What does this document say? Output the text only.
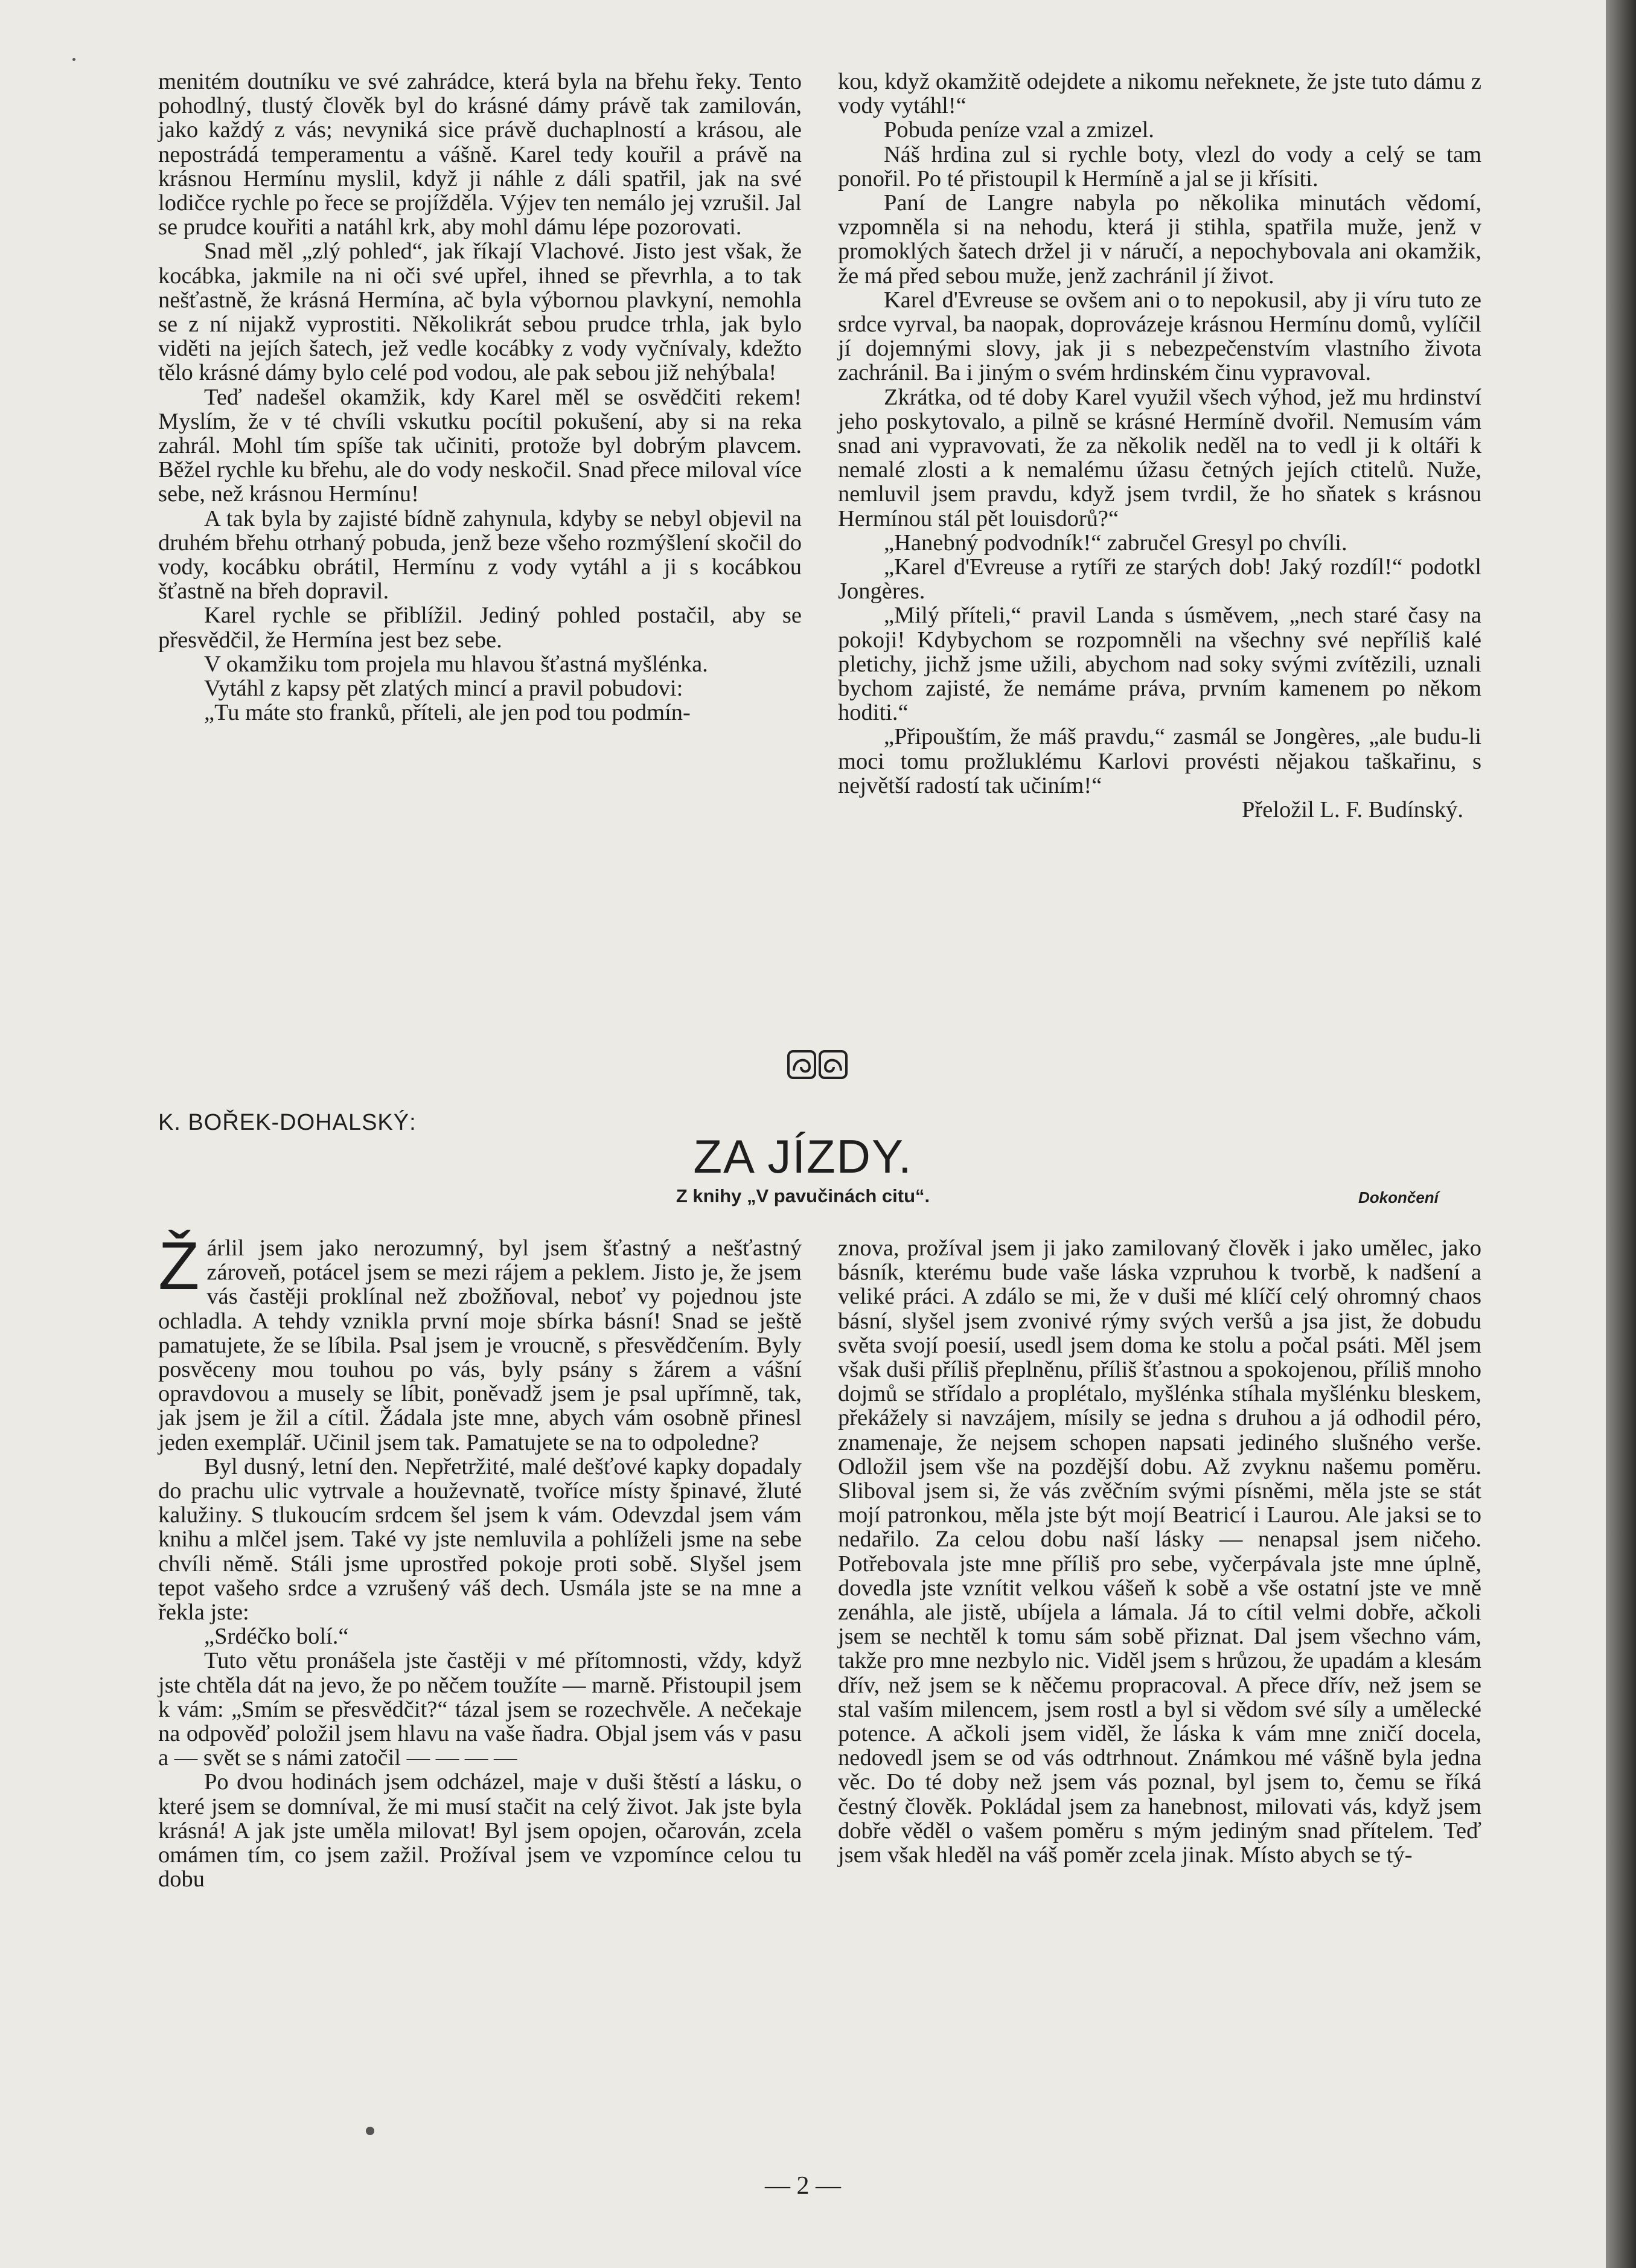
menitém doutníku ve své zahrádce, která byla na břehu řeky. Tento pohodlný, tlustý člověk byl do krásné dámy právě tak zamilován, jako každý z vás; nevyniká sice právě duchaplností a krásou, ale nepostrádá temperamentu a vášně. Karel tedy kouřil a právě na krásnou Hermínu myslil, když ji náhle z dáli spatřil, jak na své lodičce rychle po řece se projížděla. Výjev ten nemálo jej vzrušil. Jal se prudce kouřiti a natáhl krk, aby mohl dámu lépe pozorovati.

Snad měl „zlý pohled“, jak říkají Vlachové. Jisto jest však, že kocábka, jakmile na ni oči své upřel, ihned se převrhla, a to tak nešťastně, že krásná Hermína, ač byla výbornou plavkyní, nemohla se z ní nijakž vyprostiti. Několikrát sebou prudce trhla, jak bylo viděti na jejích šatech, jež vedle kocábky z vody vyčnívaly, kdežto tělo krásné dámy bylo celé pod vodou, ale pak sebou již nehýbala!

Teď nadešel okamžik, kdy Karel měl se osvědčiti rekem! Myslím, že v té chvíli vskutku pocítil pokušení, aby si na reka zahrál. Mohl tím spíše tak učiniti, protože byl dobrým plavcem. Běžel rychle ku břehu, ale do vody neskočil. Snad přece miloval více sebe, než krásnou Hermínu!

A tak byla by zajisté bídně zahynula, kdyby se nebyl objevil na druhém břehu otrhaný pobuda, jenž beze všeho rozmýšlení skočil do vody, kocábku obrátil, Hermínu z vody vytáhl a ji s kocábkou šťastně na břeh dopravil.

Karel rychle se přiblížil. Jediný pohled postačil, aby se přesvědčil, že Hermína jest bez sebe.

V okamžiku tom projela mu hlavou šťastná myšlénka.

Vytáhl z kapsy pět zlatých mincí a pravil pobudovi:

„Tu máte sto franků, příteli, ale jen pod tou podmín-

kou, když okamžitě odejdete a nikomu neřeknete, že jste tuto dámu z vody vytáhl!“

Pobuda peníze vzal a zmizel.

Náš hrdina zul si rychle boty, vlezl do vody a celý se tam ponořil. Po té přistoupil k Hermíně a jal se ji křísiti.

Paní de Langre nabyla po několika minutách vědomí, vzpomněla si na nehodu, která ji stihla, spatřila muže, jenž v promoklých šatech držel ji v náručí, a nepochybovala ani okamžik, že má před sebou muže, jenž zachránil jí život.

Karel d'Evreuse se ovšem ani o to nepokusil, aby ji víru tuto ze srdce vyrval, ba naopak, doprovázeje krásnou Hermínu domů, vylíčil jí dojemnými slovy, jak ji s nebezpečenstvím vlastního života zachránil. Ba i jiným o svém hrdinském činu vypravoval.

Zkrátka, od té doby Karel využil všech výhod, jež mu hrdinství jeho poskytovalo, a pilně se krásné Hermíně dvořil. Nemusím vám snad ani vypravovati, že za několik neděl na to vedl ji k oltáři k nemalé zlosti a k nemalému úžasu četných jejích ctitelů. Nuže, nemluvil jsem pravdu, když jsem tvrdil, že ho sňatek s krásnou Hermínou stál pět louisdorů?“

„Hanebný podvodník!“ zabručel Gresyl po chvíli.

„Karel d'Evreuse a rytíři ze starých dob! Jaký rozdíl!“ podotkl Jongères.

„Milý příteli,“ pravil Landa s úsměvem, „nech staré časy na pokoji! Kdybychom se rozpomněli na všechny své nepříliš kalé pletichy, jichž jsme užili, abychom nad soky svými zvítězili, uznali bychom zajisté, že nemáme práva, prvním kamenem po někom hoditi.“

„Připouštím, že máš pravdu,“ zasmál se Jongères, „ale budu-li moci tomu prožluklému Karlovi provésti nějakou taškařinu, s největší radostí tak učiním!“

Přeložil L. F. Budínský.

K. BOŘEK-DOHALSKÝ:
ZA JÍZDY.
Z knihy „V pavučinách citu“.	Dokončení

Žárlil jsem jako nerozumný, byl jsem šťastný a nešťastný zároveň, potácel jsem se mezi rájem a peklem. Jisto je, že jsem vás častěji proklínal než zbožňoval, neboť vy pojednou jste ochladla. A tehdy vznikla první moje sbírka básní! Snad se ještě pamatujete, že se líbila. Psal jsem je vroucně, s přesvědčením. Byly posvěceny mou touhou po vás, byly psány s žárem a vášní opravdovou a musely se líbit, poněvadž jsem je psal upřímně, tak, jak jsem je žil a cítil. Žádala jste mne, abych vám osobně přinesl jeden exemplář. Učinil jsem tak. Pamatujete se na to odpoledne?

Byl dusný, letní den. Nepřetržité, malé dešťové kapky dopadaly do prachu ulic vytrvale a houževnatě, tvoříce místy špinavé, žluté kalužiny. S tlukoucím srdcem šel jsem k vám. Odevzdal jsem vám knihu a mlčel jsem. Také vy jste nemluvila a pohlíželi jsme na sebe chvíli němě. Stáli jsme uprostřed pokoje proti sobě. Slyšel jsem tepot vašeho srdce a vzrušený váš dech. Usmála jste se na mne a řekla jste:

„Srdéčko bolí.“

Tuto větu pronášela jste častěji v mé přítomnosti, vždy, když jste chtěla dát na jevo, že po něčem toužíte — marně. Přistoupil jsem k vám: „Smím se přesvědčit?“ tázal jsem se rozechvěle. A nečekaje na odpověď položil jsem hlavu na vaše ňadra. Objal jsem vás v pasu a — svět se s námi zatočil — — — —

Po dvou hodinách jsem odcházel, maje v duši štěstí a lásku, o které jsem se domníval, že mi musí stačit na celý život. Jak jste byla krásná! A jak jste uměla milovat! Byl jsem opojen, očarován, zcela omámen tím, co jsem zažil. Prožíval jsem ve vzpomínce celou tu dobu

znova, prožíval jsem ji jako zamilovaný člověk i jako umělec, jako básník, kterému bude vaše láska vzpruhou k tvorbě, k nadšení a veliké práci. A zdálo se mi, že v duši mé klíčí celý ohromný chaos básní, slyšel jsem zvonivé rýmy svých veršů a jsa jist, že dobudu světa svojí poesií, usedl jsem doma ke stolu a počal psáti. Měl jsem však duši příliš přeplněnu, příliš šťastnou a spokojenou, příliš mnoho dojmů se střídalo a proplétalo, myšlénka stíhala myšlénku bleskem, překážely si navzájem, mísily se jedna s druhou a já odhodil péro, znamenaje, že nejsem schopen napsati jediného slušného verše. Odložil jsem vše na pozdější dobu. Až zvyknu našemu poměru. Sliboval jsem si, že vás zvěčním svými písněmi, měla jste se stát mojí patronkou, měla jste být mojí Beatricí i Laurou. Ale jaksi se to nedařilo. Za celou dobu naší lásky — nenapsal jsem ničeho. Potřebovala jste mne příliš pro sebe, vyčerpávala jste mne úplně, dovedla jste vznítit velkou vášeň k sobě a vše ostatní jste ve mně zenáhla, ale jistě, ubíjela a lámala. Já to cítil velmi dobře, ačkoli jsem se nechtěl k tomu sám sobě přiznat. Dal jsem všechno vám, takže pro mne nezbylo nic. Viděl jsem s hrůzou, že upadám a klesám dřív, než jsem se k něčemu propracoval. A přece dřív, než jsem se stal vaším milencem, jsem rostl a byl si vědom své síly a umělecké potence. A ačkoli jsem viděl, že láska k vám mne zničí docela, nedovedl jsem se od vás odtrhnout. Známkou mé vášně byla jedna věc. Do té doby než jsem vás poznal, byl jsem to, čemu se říká čestný člověk. Pokládal jsem za hanebnost, milovati vás, když jsem dobře věděl o vašem poměru s mým jediným snad přítelem. Teď jsem však hleděl na váš poměr zcela jinak. Místo abych se tý-

— 2 —
